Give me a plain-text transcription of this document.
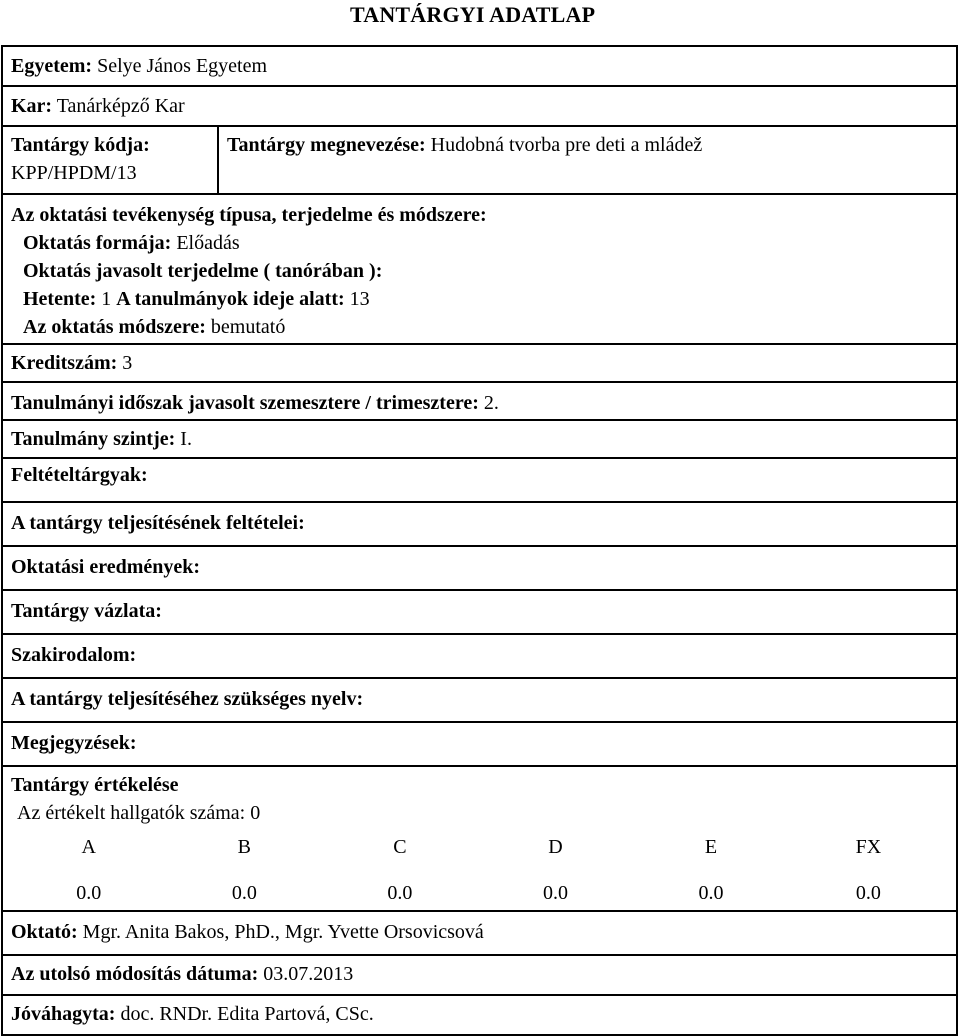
TANTÁRGYI ADATLAP
Egyetem: Selye János Egyetem
Kar: Tanárképző Kar

Tantárgy kódja:
KPP/HPDM/13
	Tantárgy megnevezése: Hudobná tvorba pre deti a mládež

Az oktatási tevékenység típusa, terjedelme és módszere:
Oktatás formája: Előadás
Oktatás javasolt terjedelme ( tanórában ):
Hetente: 1 A tanulmányok ideje alatt: 13
Az oktatás módszere: bemutató

Kreditszám: 3
Tanulmányi időszak javasolt szemesztere / trimesztere: 2.
Tanulmány szintje: I.
Feltételtárgyak:
A tantárgy teljesítésének feltételei:
Oktatási eredmények:
Tantárgy vázlata:
Szakirodalom:
A tantárgy teljesítéséhez szükséges nyelv:
Megjegyzések:

Tantárgy értékelése
Az értékelt hallgatók száma: 0
A	B	C	D	E	FX
0.0	0.0	0.0	0.0	0.0	0.0

Oktató: Mgr. Anita Bakos, PhD., Mgr. Yvette Orsovicsová
Az utolsó módosítás dátuma: 03.07.2013
Jóváhagyta: doc. RNDr. Edita Partová, CSc.
